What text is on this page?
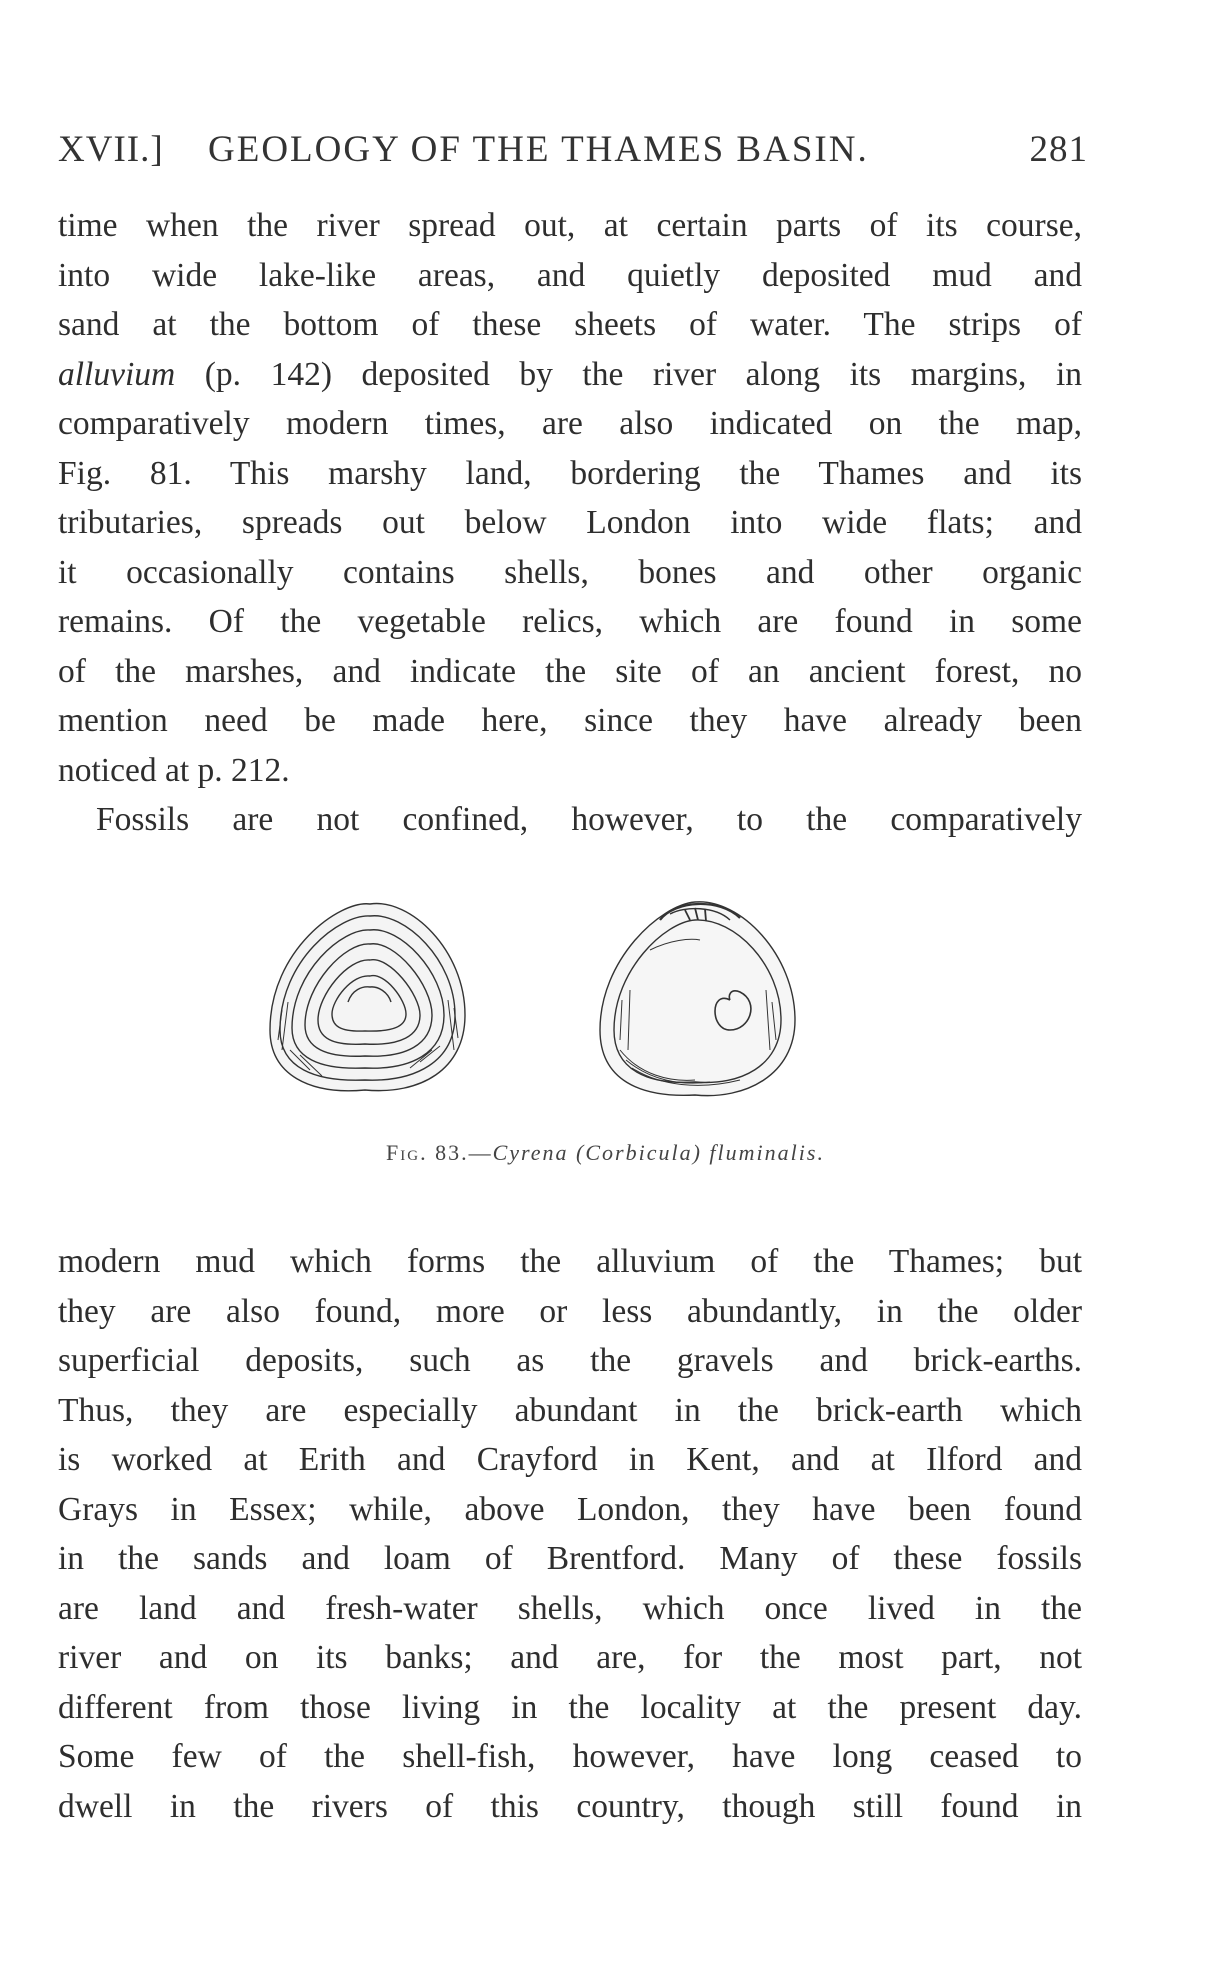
XVII.] GEOLOGY OF THE THAMES BASIN.	281
time when the river spread out, at certain parts of its course,
into wide lake-like areas, and quietly deposited mud and
sand at the bottom of these sheets of water. The strips of
alluvium (p. 142) deposited by the river along its margins, in
comparatively modern times, are also indicated on the map,
Fig. 81. This marshy land, bordering the Thames and its
tributaries, spreads out below London into wide flats; and
it occasionally contains shells, bones and other organic
remains. Of the vegetable relics, which are found in some
of the marshes, and indicate the site of an ancient forest, no
mention need be made here, since they have already been
noticed at p. 212.
Fossils are not confined, however, to the comparatively
Fig. 83.—Cyrena (Corbicula) fluminalis.
modern mud which forms the alluvium of the Thames; but
they are also found, more or less abundantly, in the older
superficial deposits, such as the gravels and brick-earths.
Thus, they are especially abundant in the brick-earth which
is worked at Erith and Crayford in Kent, and at Ilford and
Grays in Essex; while, above London, they have been found
in the sands and loam of Brentford. Many of these fossils
are land and fresh-water shells, which once lived in the
river and on its banks; and are, for the most part, not
different from those living in the locality at the present day.
Some few of the shell-fish, however, have long ceased to
dwell in the rivers of this country, though still found in
